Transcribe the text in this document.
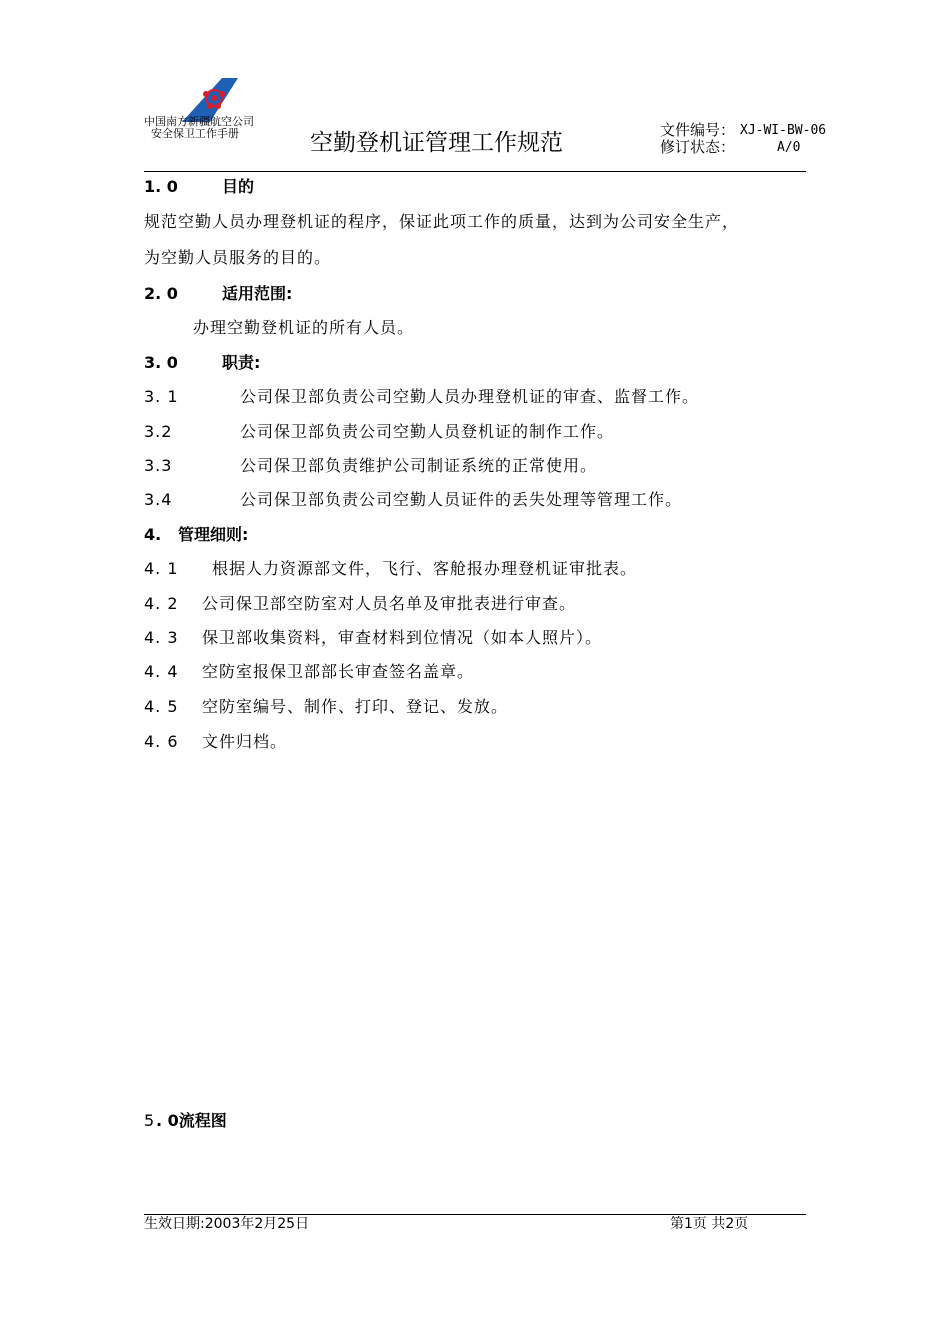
中国南方新疆航空公司
安全保卫工作手册	空勤登机证管理工作规范	文件编号： XJ-WI-BW-06
修订状态：	A/0
1. 0	目的
规范空勤人员办理登机证的程序，保证此项工作的质量，达到为公司安全生产，
为空勤人员服务的目的。
2. 0	适用范围:
办理空勤登机证的所有人员。
3. 0	职责:
3. 1	公司保卫部负责公司空勤人员办理登机证的审查、监督工作。
3.2	公司保卫部负责公司空勤人员登机证的制作工作。
3.3	公司保卫部负责维护公司制证系统的正常使用。
3.4	公司保卫部负责公司空勤人员证件的丢失处理等管理工作。
4. 管理细则:
4. 1 根据人力资源部文件，飞行、客舱报办理登机证审批表。
4. 2 公司保卫部空防室对人员名单及审批表进行审查。
4. 3 保卫部收集资料，审查材料到位情况（如本人照片）。
4. 4 空防室报保卫部部长审查签名盖章。
4. 5 空防室编号、制作、打印、登记、发放。
4. 6 文件归档。
5 . 0流程图
生效日期:2003年2月25日	第1页 共2页
